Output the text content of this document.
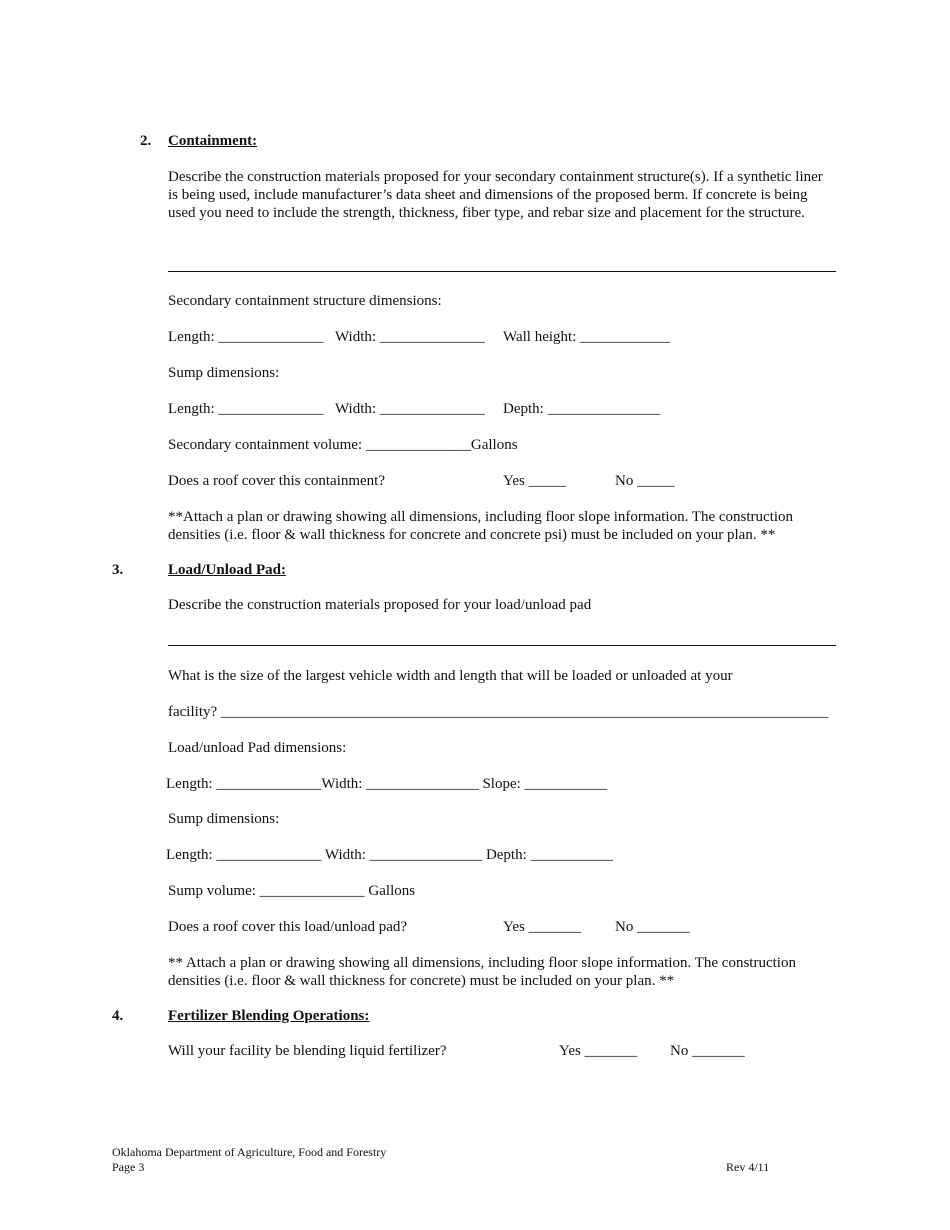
2. Containment:
Describe the construction materials proposed for your secondary containment structure(s). If a synthetic liner is being used, include manufacturer’s data sheet and dimensions of the proposed berm. If concrete is being used you need to include the strength, thickness, fiber type, and rebar size and placement for the structure.
Secondary containment structure dimensions:
Length: ______________ Width: ______________ Wall height: ____________
Sump dimensions:
Length: ______________ Width: ______________ Depth: _______________
Secondary containment volume: ______________Gallons
Does a roof cover this containment?	Yes _____	No _____
**Attach a plan or drawing showing all dimensions, including floor slope information. The construction densities (i.e. floor & wall thickness for concrete and concrete psi) must be included on your plan. **
3.	Load/Unload Pad:
Describe the construction materials proposed for your load/unload pad
What is the size of the largest vehicle width and length that will be loaded or unloaded at your
facility? _________________________________________________________________________________
Load/unload Pad dimensions:
Length: ______________Width: _______________ Slope: ___________
Sump dimensions:
Length: ______________ Width: _______________ Depth: ___________
Sump volume: ______________ Gallons
Does a roof cover this load/unload pad?	Yes _______ No _______
** Attach a plan or drawing showing all dimensions, including floor slope information. The construction densities (i.e. floor & wall thickness for concrete) must be included on your plan. **
4.	Fertilizer Blending Operations:
Will your facility be blending liquid fertilizer?	Yes _______ No _______
Oklahoma Department of Agriculture, Food and Forestry
Page 3	Rev 4/11
